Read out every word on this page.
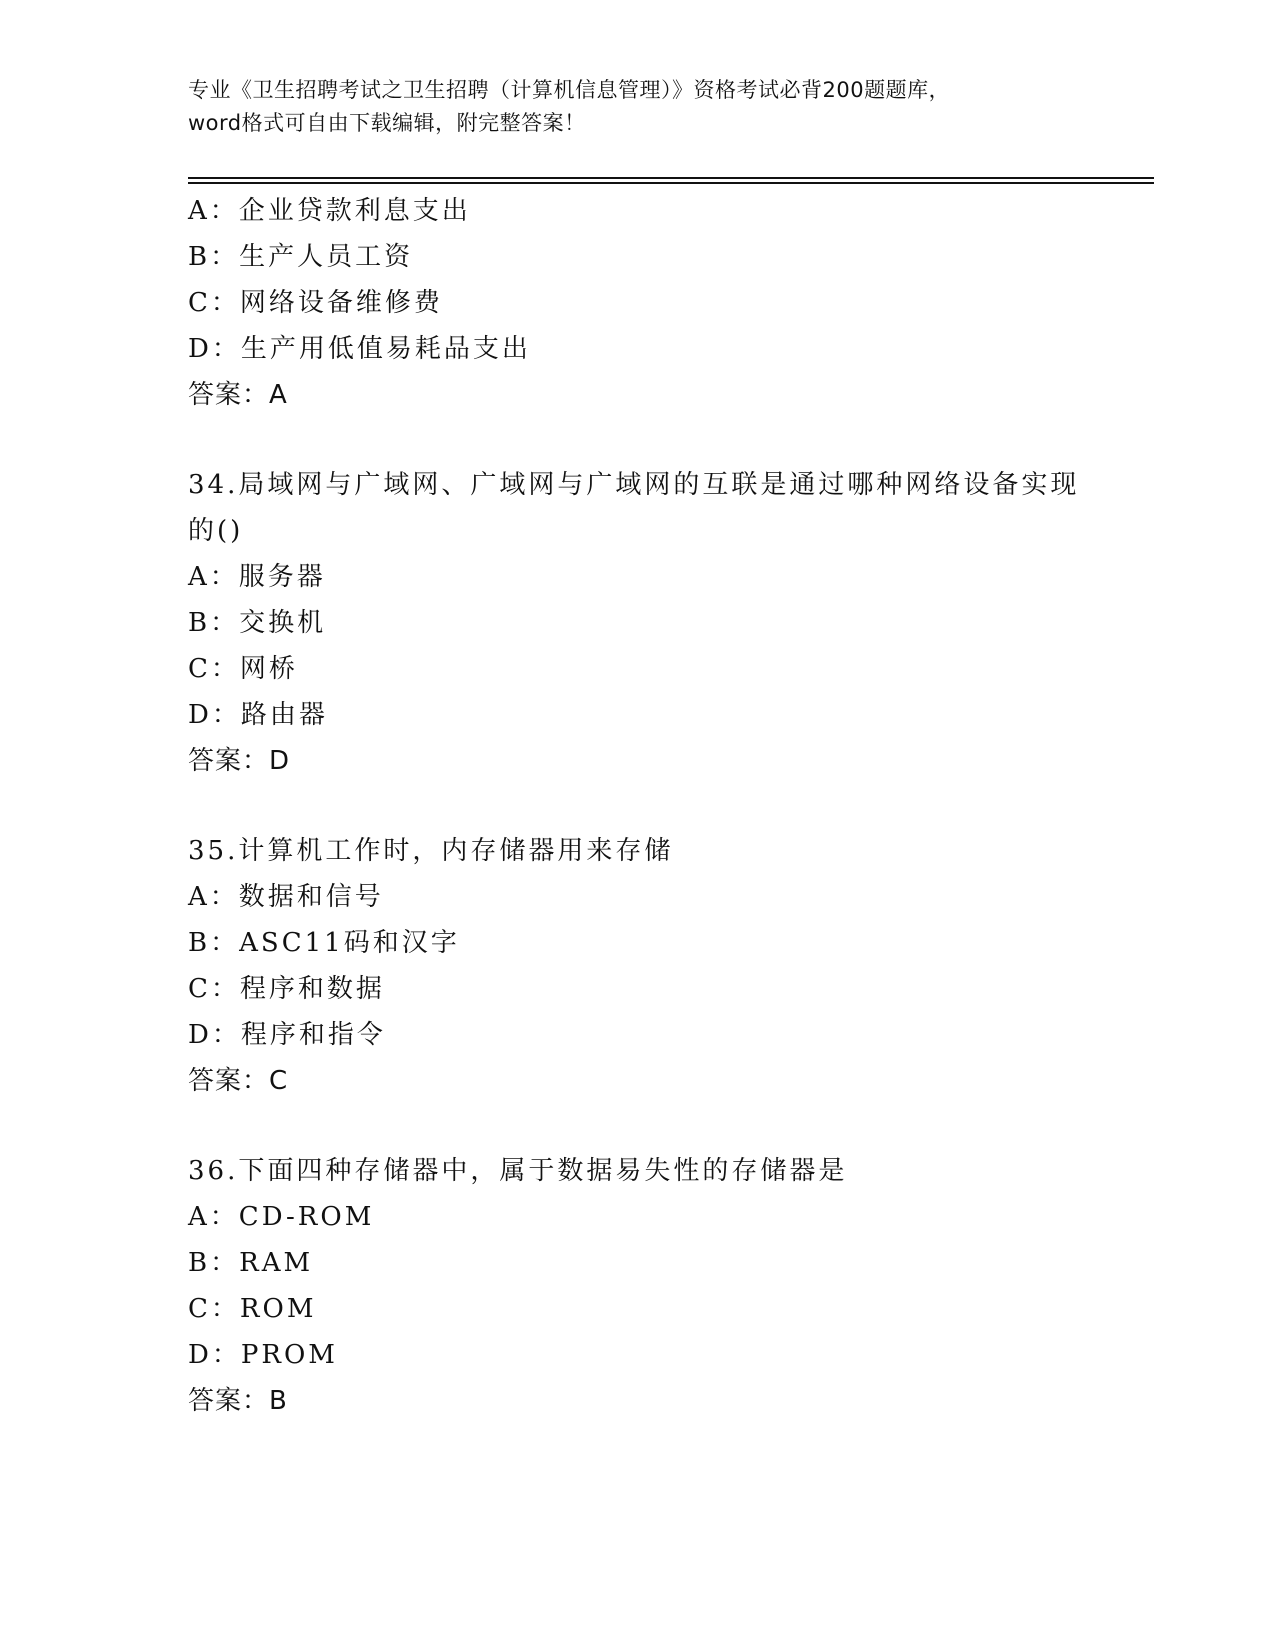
专业《卫生招聘考试之卫生招聘（计算机信息管理）》资格考试必背200题题库，
word格式可自由下载编辑，附完整答案！
A ： 企业贷款利息支出
B ： 生产人员工资
C ： 网络设备维修费
D ： 生产用低值易耗品支出
答案 ： A
34 . 局域网与广域网、广域网与广域网的互联是通过哪种网络设备实现
的()
A ： 服务器
B ： 交换机
C ： 网桥
D ： 路由器
答案 ： D
35 . 计算机工作时，内存储器用来存储
A ： 数据和信号
B ： ASC11码和汉字
C ： 程序和数据
D ： 程序和指令
答案 ： C
36 . 下面四种存储器中，属于数据易失性的存储器是
A ： CD-ROM
B ： RAM
C ： ROM
D ： PROM
答案 ： B
